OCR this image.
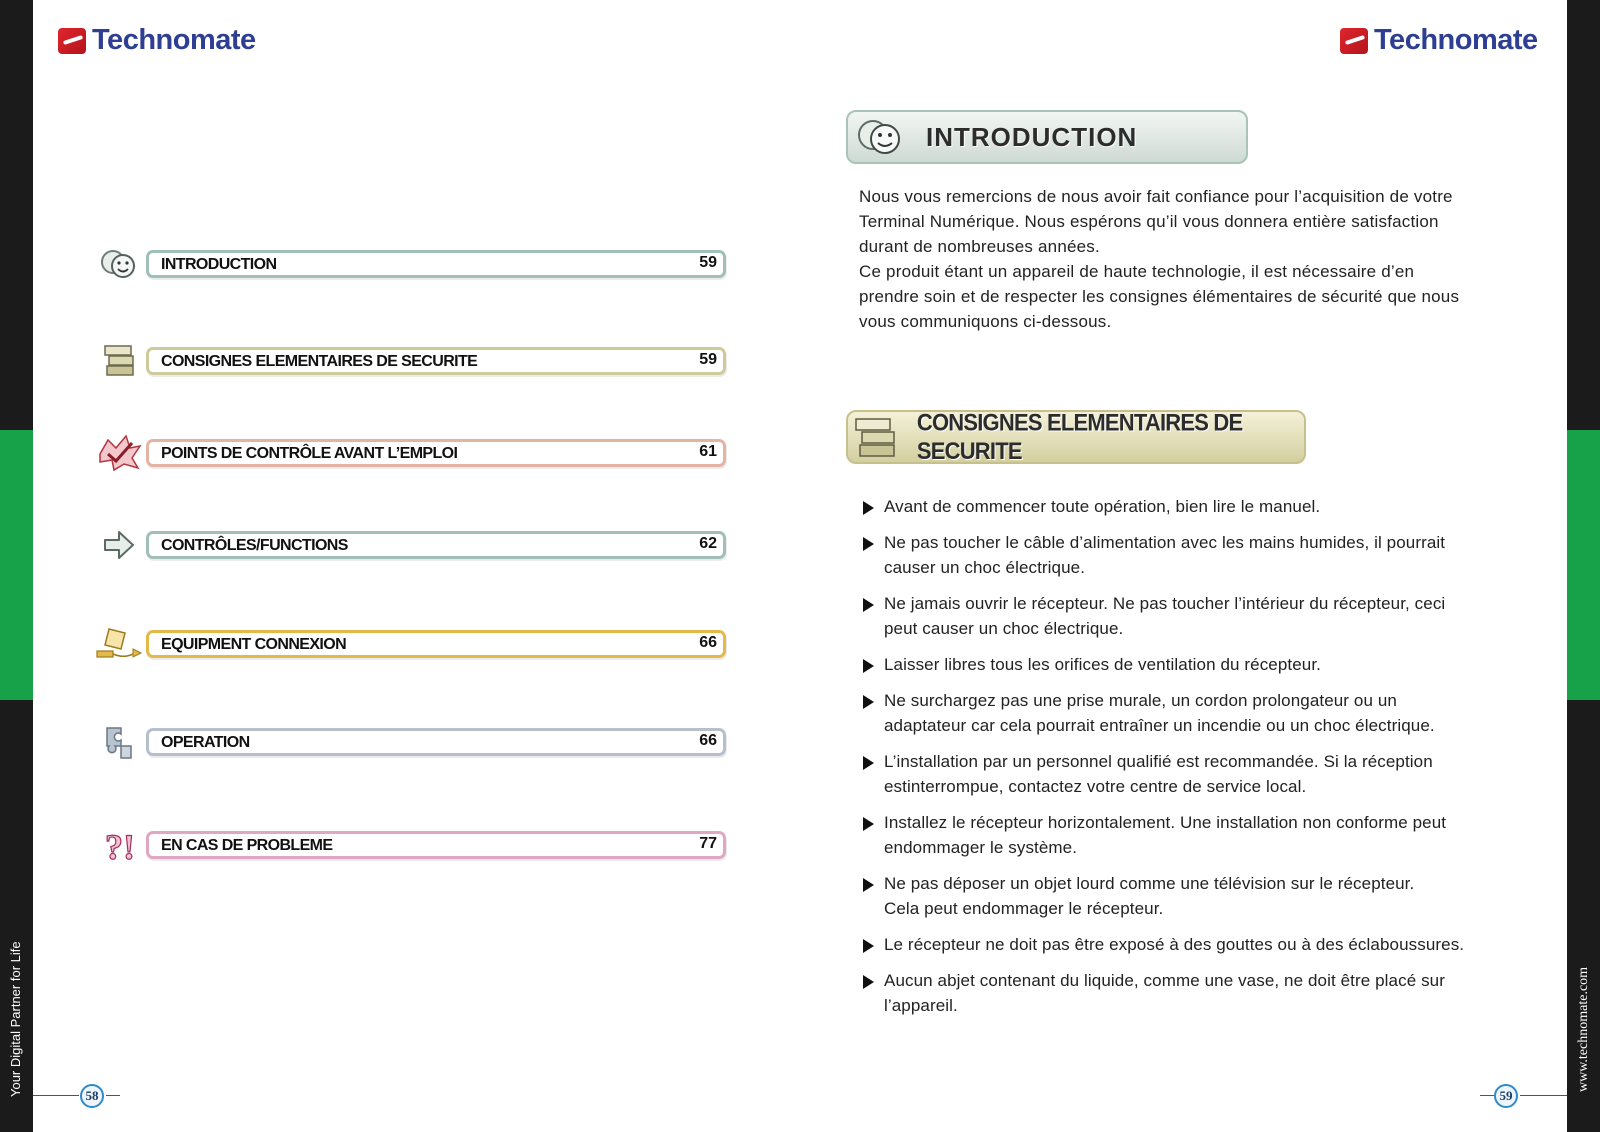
Your Digital Partner for Life	www.technomate.com
Technomate	Technomate
INTRODUCTION	59
CONSIGNES ELEMENTAIRES DE SECURITE	59
POINTS DE CONTRÔLE AVANT L’EMPLOI	61
CONTRÔLES/FUNCTIONS	62
EQUIPMENT CONNEXION	66
OPERATION	66
?! EN CAS DE PROBLEME	77
INTRODUCTION
Nous vous remercions de nous avoir fait confiance pour l’acquisition de votre
Terminal Numérique. Nous espérons qu’il vous donnera entière satisfaction
durant de nombreuses années.
Ce produit étant un appareil de haute technologie, il est nécessaire d’en
prendre soin et de respecter les consignes élémentaires de sécurité que nous
vous communiquons ci-dessous.
CONSIGNES ELEMENTAIRES DE SECURITE
Avant de commencer toute opération, bien lire le manuel.
Ne pas toucher le câble d’alimentation avec les mains humides, il pourrait
causer un choc électrique.
Ne jamais ouvrir le récepteur. Ne pas toucher l’intérieur du récepteur, ceci
peut causer un choc électrique.
Laisser libres tous les orifices de ventilation du récepteur.
Ne surchargez pas une prise murale, un cordon prolongateur ou un
adaptateur car cela pourrait entraîner un incendie ou un choc électrique.
L’installation par un personnel qualifié est recommandée. Si la réception
estinterrompue, contactez votre centre de service local.
Installez le récepteur horizontalement. Une installation non conforme peut
endommager le système.
Ne pas déposer un objet lourd comme une télévision sur le récepteur.
Cela peut endommager le récepteur.
Le récepteur ne doit pas être exposé à des gouttes ou à des éclaboussures.
Aucun abjet contenant du liquide, comme une vase, ne doit être placé sur
l’appareil.
58	59
